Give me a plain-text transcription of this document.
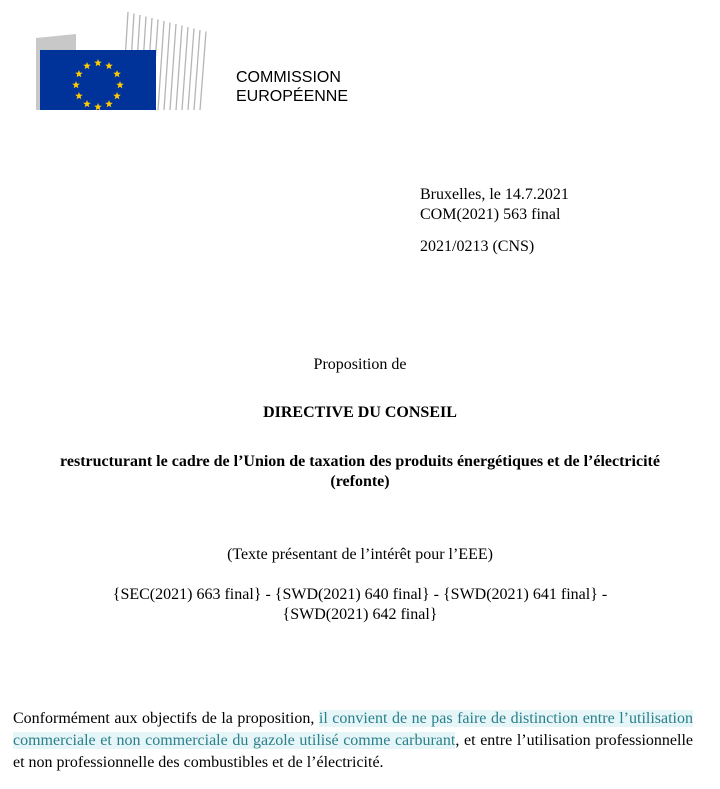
COMMISSION
EUROPÉENNE
Bruxelles, le 14.7.2021
COM(2021) 563 final
2021/0213 (CNS)
Proposition de
DIRECTIVE DU CONSEIL
restructurant le cadre de l’Union de taxation des produits énergétiques et de l’électricité
(refonte)
(Texte présentant de l’intérêt pour l’EEE)
{SEC(2021) 663 final} - {SWD(2021) 640 final} - {SWD(2021) 641 final} -
{SWD(2021) 642 final}
Conformément aux objectifs de la proposition, il convient de ne pas faire de distinction entre l’utilisation commerciale et non commerciale du gazole utilisé comme carburant, et entre l’utilisation professionnelle et non professionnelle des combustibles et de l’électricité.
